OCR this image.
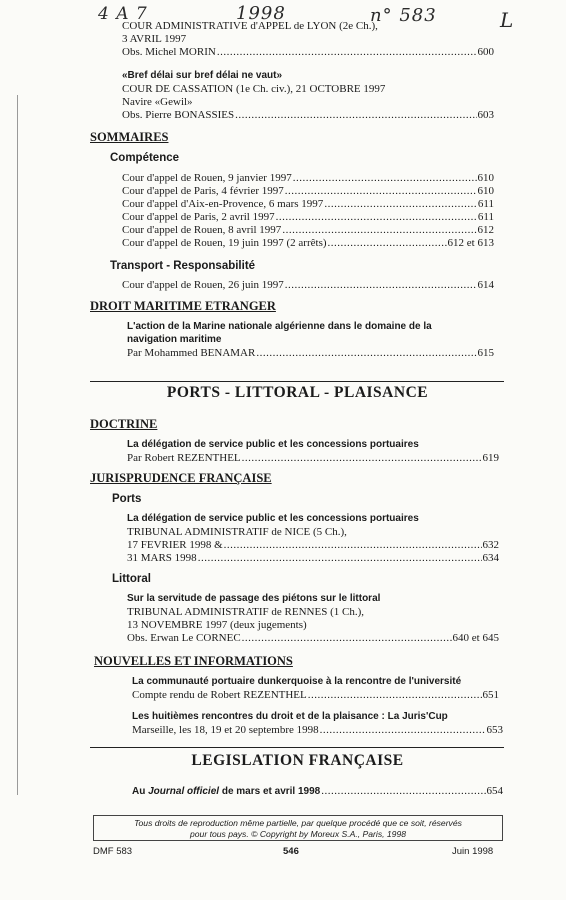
4 A 7	1998	n° 583	L
COUR ADMINISTRATIVE d'APPEL de LYON (2e Ch.),
3 AVRIL 1997
Obs. Michel MORIN .....	600
«Bref délai sur bref délai ne vaut»
COUR DE CASSATION (1e Ch. civ.), 21 OCTOBRE 1997
Navire «Gewil»
Obs. Pierre BONASSIES .....	603
SOMMAIRES
Compétence
Cour d'appel de Rouen, 9 janvier 1997 .....	610
Cour d'appel de Paris, 4 février 1997 .....	610
Cour d'appel d'Aix-en-Provence, 6 mars 1997 .....	611
Cour d'appel de Paris, 2 avril 1997 .....	611
Cour d'appel de Rouen, 8 avril 1997 .....	612
Cour d'appel de Rouen, 19 juin 1997 (2 arrêts) .....	612 et 613
Transport - Responsabilité
Cour d'appel de Rouen, 26 juin 1997 .....	614
DROIT MARITIME ETRANGER
L'action de la Marine nationale algérienne dans le domaine de la
navigation maritime
Par Mohammed BENAMAR .....	615
PORTS - LITTORAL - PLAISANCE
DOCTRINE
La délégation de service public et les concessions portuaires
Par Robert REZENTHEL .....	619
JURISPRUDENCE FRANÇAISE
Ports
La délégation de service public et les concessions portuaires
TRIBUNAL ADMINISTRATIF de NICE (5 Ch.),
17 FEVRIER 1998 & .....	632
31 MARS 1998 .....	634
Littoral
Sur la servitude de passage des piétons sur le littoral
TRIBUNAL ADMINISTRATIF de RENNES (1 Ch.),
13 NOVEMBRE 1997 (deux jugements)
Obs. Erwan Le CORNEC .....	640 et 645
NOUVELLES ET INFORMATIONS
La communauté portuaire dunkerquoise à la rencontre de l'université
Compte rendu de Robert REZENTHEL .....	651
Les huitièmes rencontres du droit et de la plaisance : La Juris'Cup
Marseille, les 18, 19 et 20 septembre 1998 .....	653
LEGISLATION FRANÇAISE
Au Journal officiel de mars et avril 1998 .....	654
Tous droits de reproduction même partielle, par quelque procédé que ce soit, réservés
pour tous pays. © Copyright by Moreux S.A., Paris, 1998
DMF 583	546	Juin 1998
